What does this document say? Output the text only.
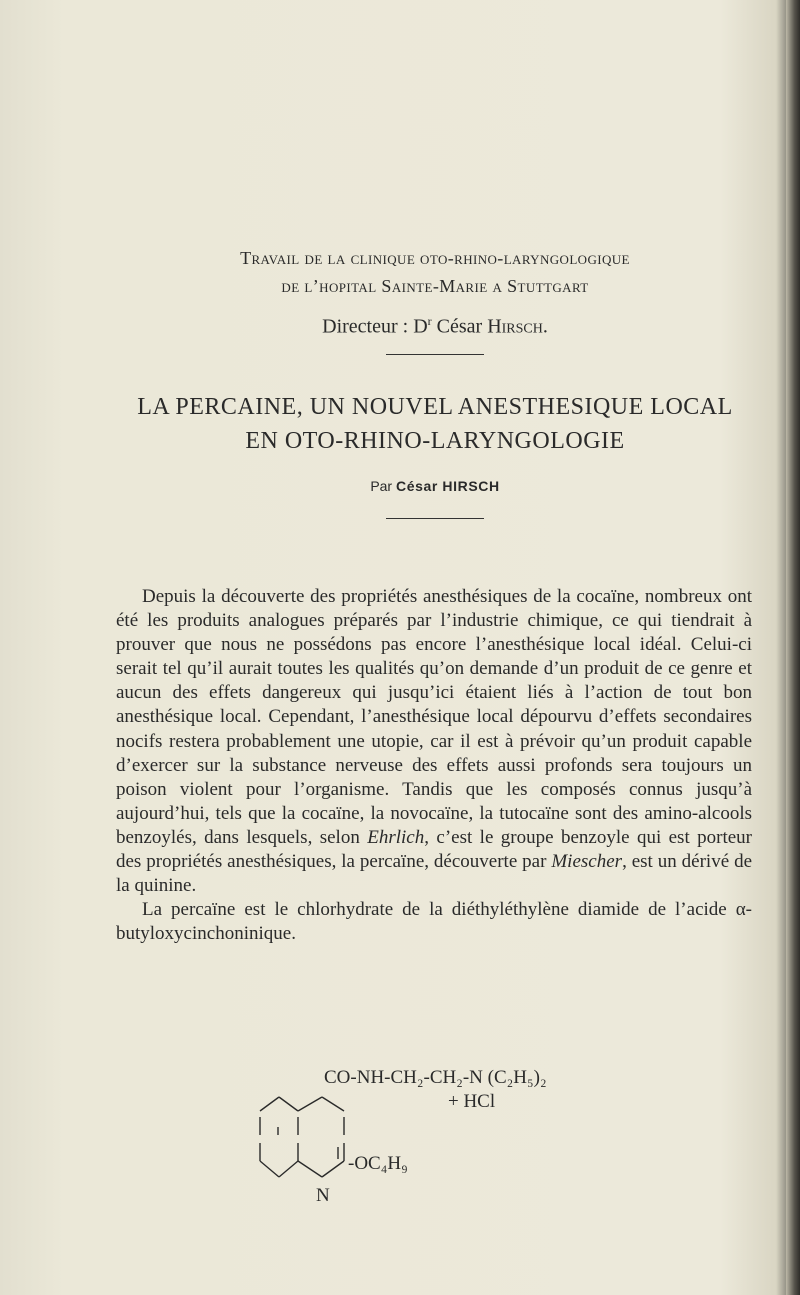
Travail de la clinique oto-rhino-laryngologique
de l’hopital Sainte-Marie a Stuttgart
Directeur : $D^r$ César Hirsch.
LA PERCAINE, UN NOUVEL ANESTHESIQUE LOCAL
EN OTO-RHINO-LARYNGOLOGIE
Par César HIRSCH

Depuis la découverte des propriétés anesthésiques de la cocaïne, nombreux ont été les produits analogues préparés par l’industrie chimique, ce qui tiendrait à prouver que nous ne possédons pas encore l’anesthésique local idéal. Celui-ci serait tel qu’il aurait toutes les qualités qu’on demande d’un produit de ce genre et aucun des effets dangereux qui jusqu’ici étaient liés à l’action de tout bon anesthésique local. Cependant, l’anesthésique local dépourvu d’effets secondaires nocifs restera probablement une utopie, car il est à prévoir qu’un produit capable d’exercer sur la substance nerveuse des effets aussi profonds sera toujours un poison violent pour l’organisme. Tandis que les composés connus jusqu’à aujourd’hui, tels que la cocaïne, la novocaïne, la tutocaïne sont des amino-alcools benzoylés, dans lesquels, selon Ehrlich, c’est le groupe benzoyle qui est porteur des propriétés anesthésiques, la percaïne, découverte par Miescher, est un dérivé de la quinine.

La percaïne est le chlorhydrate de la diéthyléthylène diamide de l’acide α-butyloxycinchoninique.

CO-NH-CH₂-CH₂-N (C₂H₅)₂
+ HCl
-OC₄H₉
N
